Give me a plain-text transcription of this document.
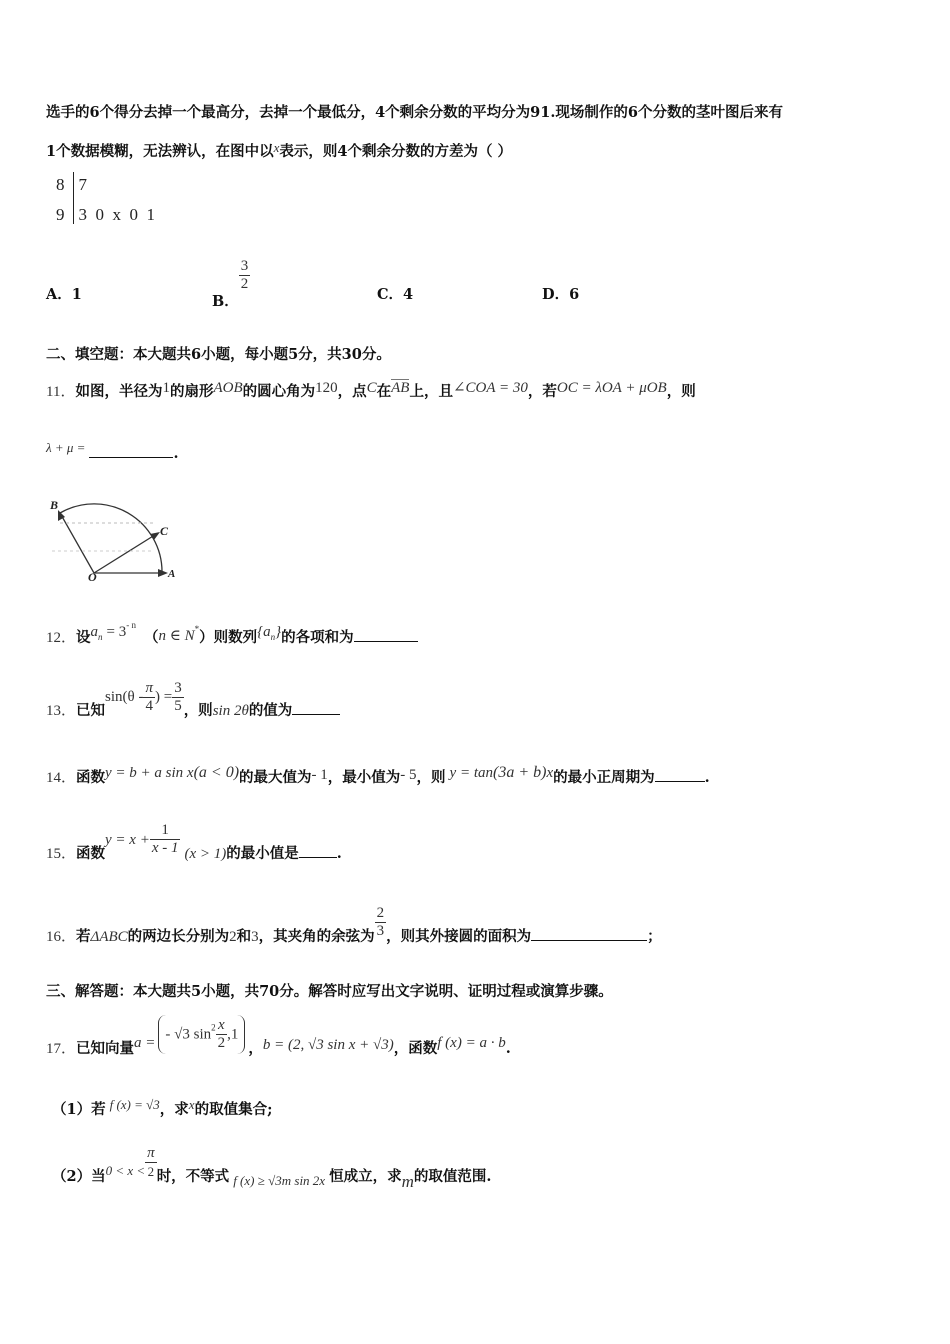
选手的6个得分去掉一个最高分，去掉一个最低分，4个剩余分数的平均分为91.现场制作的6个分数的茎叶图后来有
1个数据模糊，无法辨认，在图中以x表示，则4个剩余分数的方差为（ ）
8 7
9 3  0  x  0  1
A．1	B．
$\frac{3}{2}$
C．4	D．6
二、填空题：本大题共6小题，每小题5分，共30分。
11．如图，半径为1的扇形AOB的圆心角为120，点C在AB上，且∠COA = 30，若OC = λOA + μOB，则
λ + μ =	.
B
C
O	A
12．设an = $3^{- n}(n$ ∈ N*）则数列{an}的各项和为
13．已知$\sin(\theta - \frac{\pi}{4}$ ) = $\frac{3}{5}$ ，则sin 2θ的值为
14．函数y = b + a sin x(a < 0)的最大值为- 1，最小值为- 5，则 y = tan(3a + b)x的最小正周期为	.
15．函数$y = x + \frac{1}{x - 1} (x > 1)$的最小值是	.
16．若ΔABC的两边长分别为2和3，其夹角的余弦为 $\frac{2}{3}$ ，则其外接圆的面积为	；
三、解答题：本大题共5小题，共70分。解答时应写出文字说明、证明过程或演算步骤。
17．已知向量a = - √3 $\sin^2 \frac{x}{2} ,1$，b = (2, √3 sin x + √3)，函数f (x) = a · b.
（1）若 f (x) = √3，求x的取值集合;
（2）当$0 < x < \frac{\pi}{2}$ 时，不等式 f (x) ≥ √3m sin 2x 恒成立，求m的取值范围.
